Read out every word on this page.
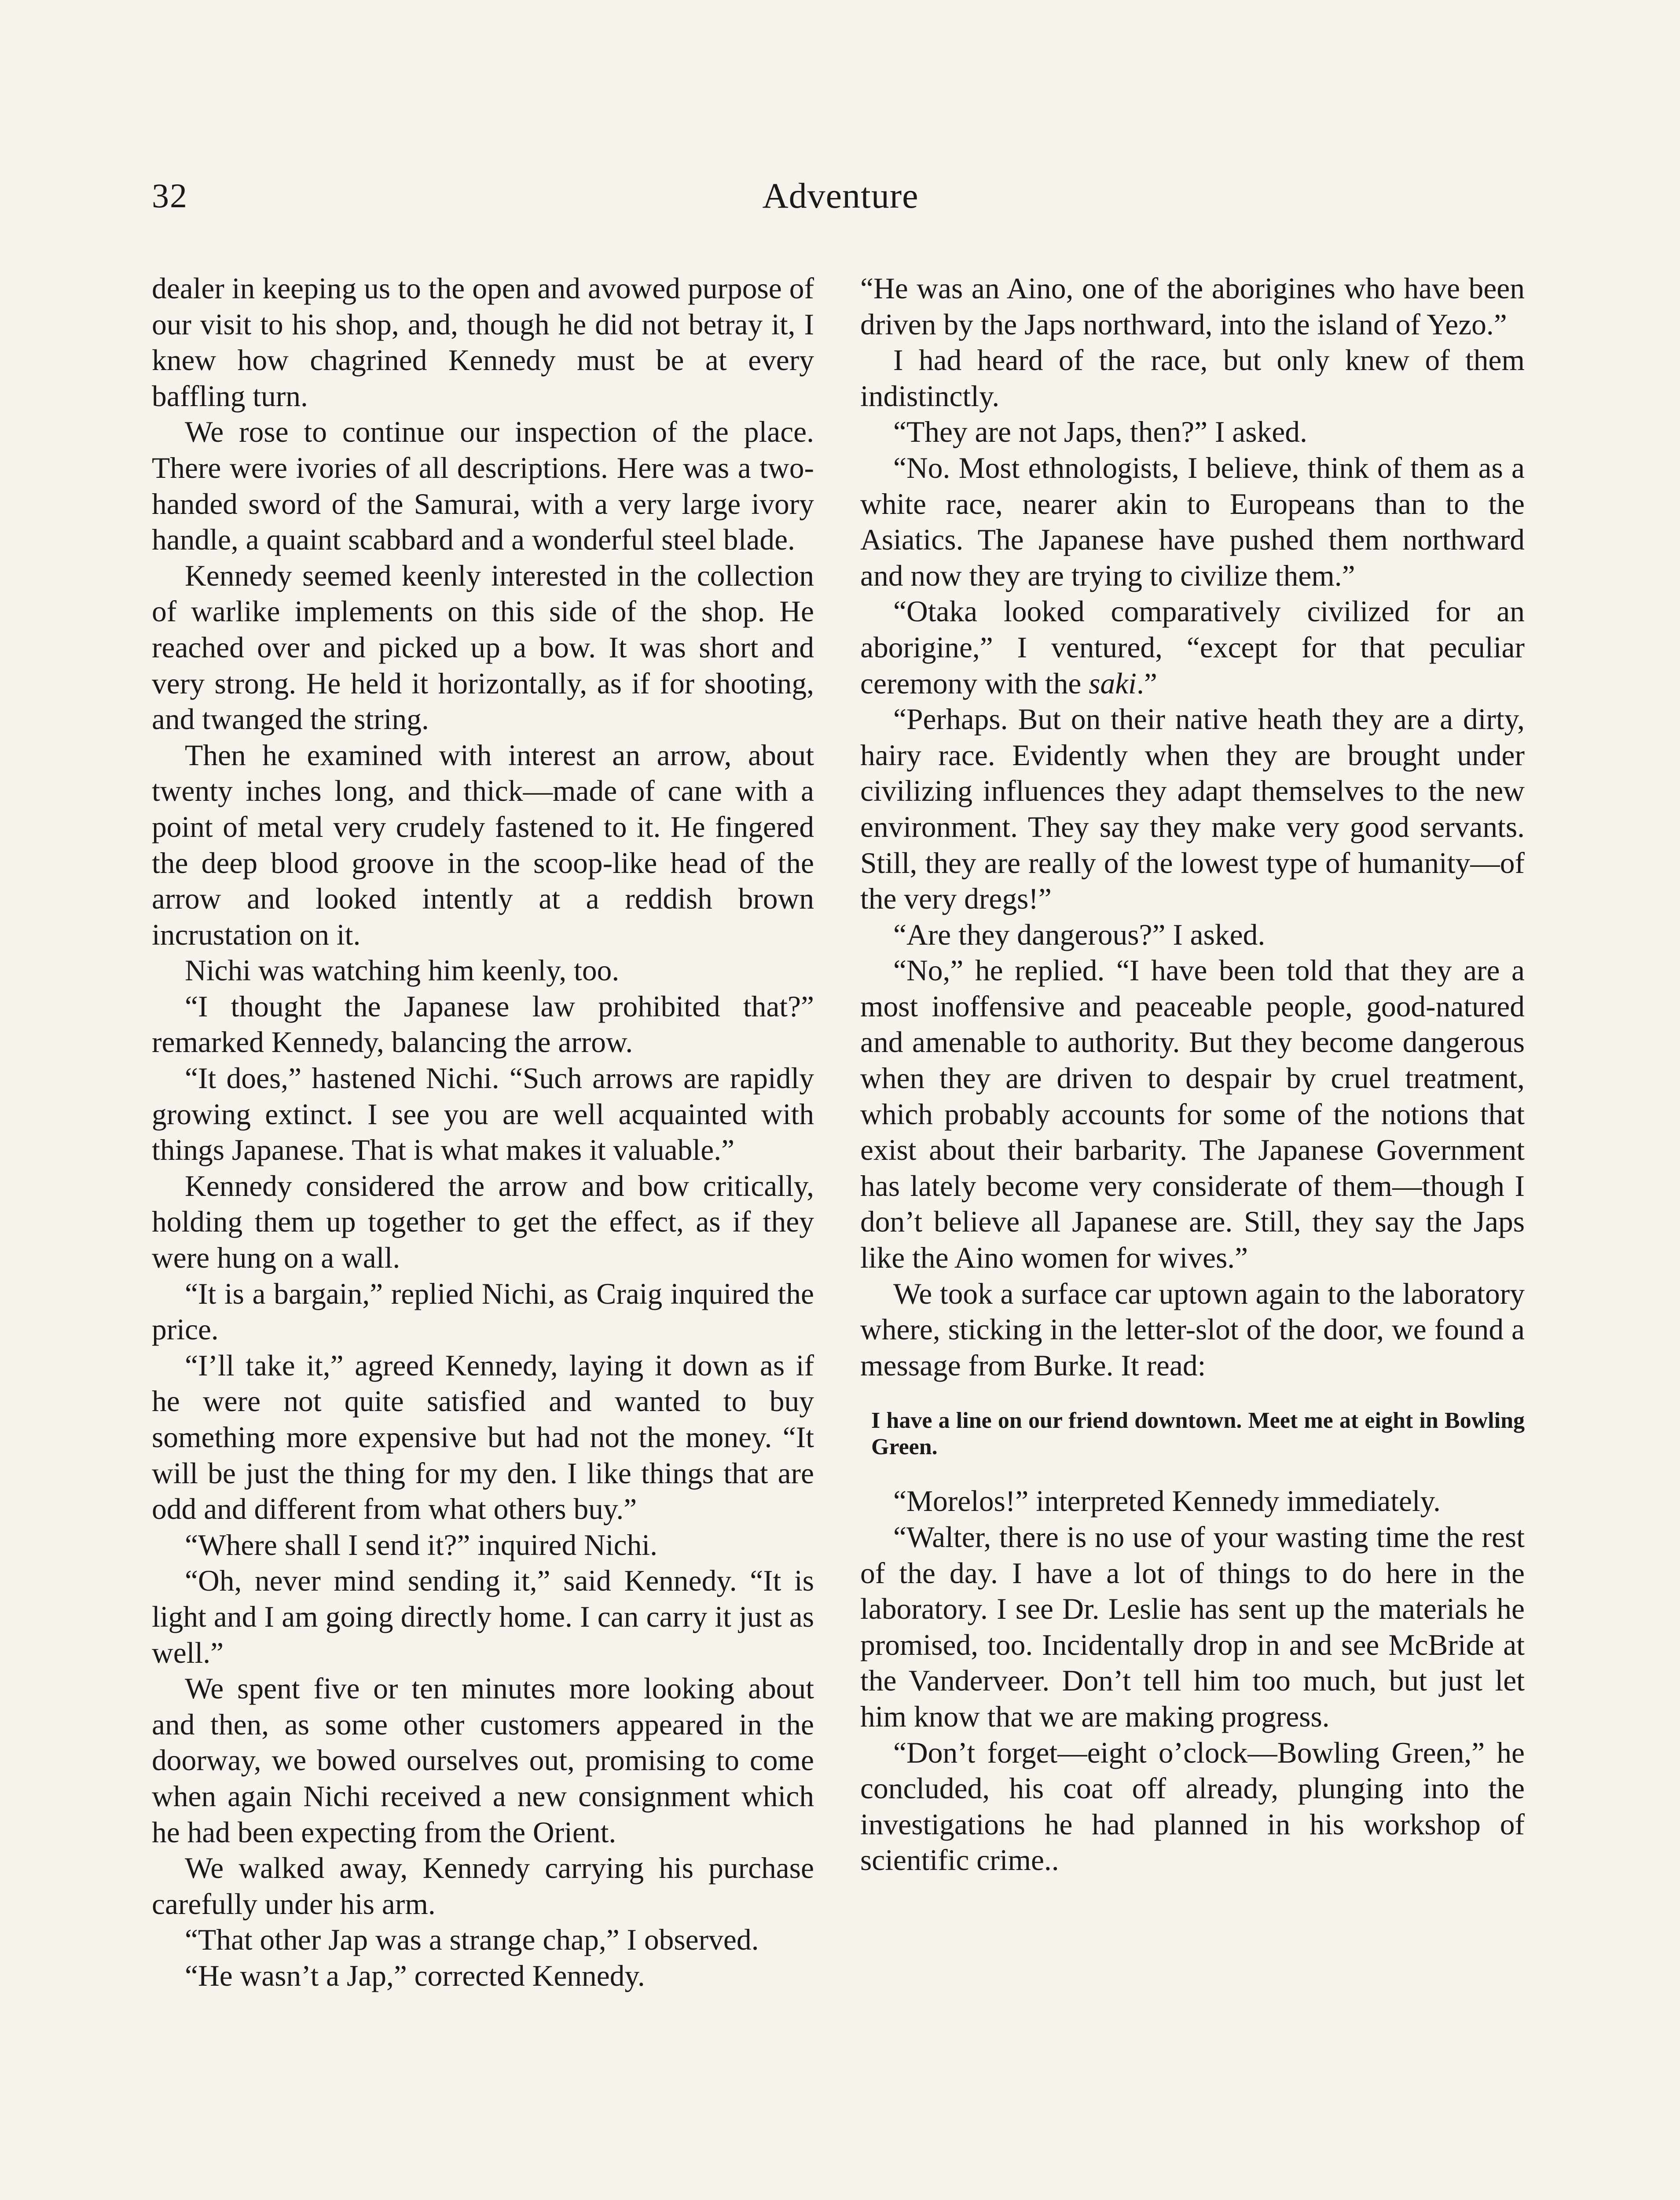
32	Adventure

dealer in keeping us to the open and avowed purpose of our visit to his shop, and, though he did not betray it, I knew how chagrined Kennedy must be at every baffling turn.

We rose to continue our inspection of the place. There were ivories of all descriptions. Here was a two-handed sword of the Samurai, with a very large ivory handle, a quaint scabbard and a wonderful steel blade.

Kennedy seemed keenly interested in the collection of warlike implements on this side of the shop. He reached over and picked up a bow. It was short and very strong. He held it horizontally, as if for shooting, and twanged the string.

Then he examined with interest an arrow, about twenty inches long, and thick—made of cane with a point of metal very crudely fastened to it. He fingered the deep blood groove in the scoop-like head of the arrow and looked intently at a reddish brown incrustation on it.

Nichi was watching him keenly, too.

“I thought the Japanese law prohibited that?” remarked Kennedy, balancing the arrow.

“It does,” hastened Nichi. “Such arrows are rapidly growing extinct. I see you are well acquainted with things Japanese. That is what makes it valuable.”

Kennedy considered the arrow and bow critically, holding them up together to get the effect, as if they were hung on a wall.

“It is a bargain,” replied Nichi, as Craig inquired the price.

“I’ll take it,” agreed Kennedy, laying it down as if he were not quite satisfied and wanted to buy something more expensive but had not the money. “It will be just the thing for my den. I like things that are odd and different from what others buy.”

“Where shall I send it?” inquired Nichi.

“Oh, never mind sending it,” said Kennedy. “It is light and I am going directly home. I can carry it just as well.”

We spent five or ten minutes more looking about and then, as some other customers appeared in the doorway, we bowed ourselves out, promising to come when again Nichi received a new consignment which he had been expecting from the Orient.

We walked away, Kennedy carrying his purchase carefully under his arm.

“That other Jap was a strange chap,” I observed.

“He wasn’t a Jap,” corrected Kennedy.

“He was an Aino, one of the aborigines who have been driven by the Japs northward, into the island of Yezo.”

I had heard of the race, but only knew of them indistinctly.

“They are not Japs, then?” I asked.

“No. Most ethnologists, I believe, think of them as a white race, nearer akin to Europeans than to the Asiatics. The Japanese have pushed them northward and now they are trying to civilize them.”

“Otaka looked comparatively civilized for an aborigine,” I ventured, “except for that peculiar ceremony with the saki.”

“Perhaps. But on their native heath they are a dirty, hairy race. Evidently when they are brought under civilizing influences they adapt themselves to the new environment. They say they make very good servants. Still, they are really of the lowest type of humanity—of the very dregs!”

“Are they dangerous?” I asked.

“No,” he replied. “I have been told that they are a most inoffensive and peaceable people, good-natured and amenable to authority. But they become dangerous when they are driven to despair by cruel treatment, which probably accounts for some of the notions that exist about their barbarity. The Japanese Government has lately become very considerate of them—though I don’t believe all Japanese are. Still, they say the Japs like the Aino women for wives.”

We took a surface car uptown again to the laboratory where, sticking in the letter-slot of the door, we found a message from Burke. It read:

I have a line on our friend downtown. Meet me at eight in Bowling Green.

“Morelos!” interpreted Kennedy immediately.

“Walter, there is no use of your wasting time the rest of the day. I have a lot of things to do here in the laboratory. I see Dr. Leslie has sent up the materials he promised, too. Incidentally drop in and see McBride at the Vanderveer. Don’t tell him too much, but just let him know that we are making progress.

“Don’t forget—eight o’clock—Bowling Green,” he concluded, his coat off already, plunging into the investigations he had planned in his workshop of scientific crime..
